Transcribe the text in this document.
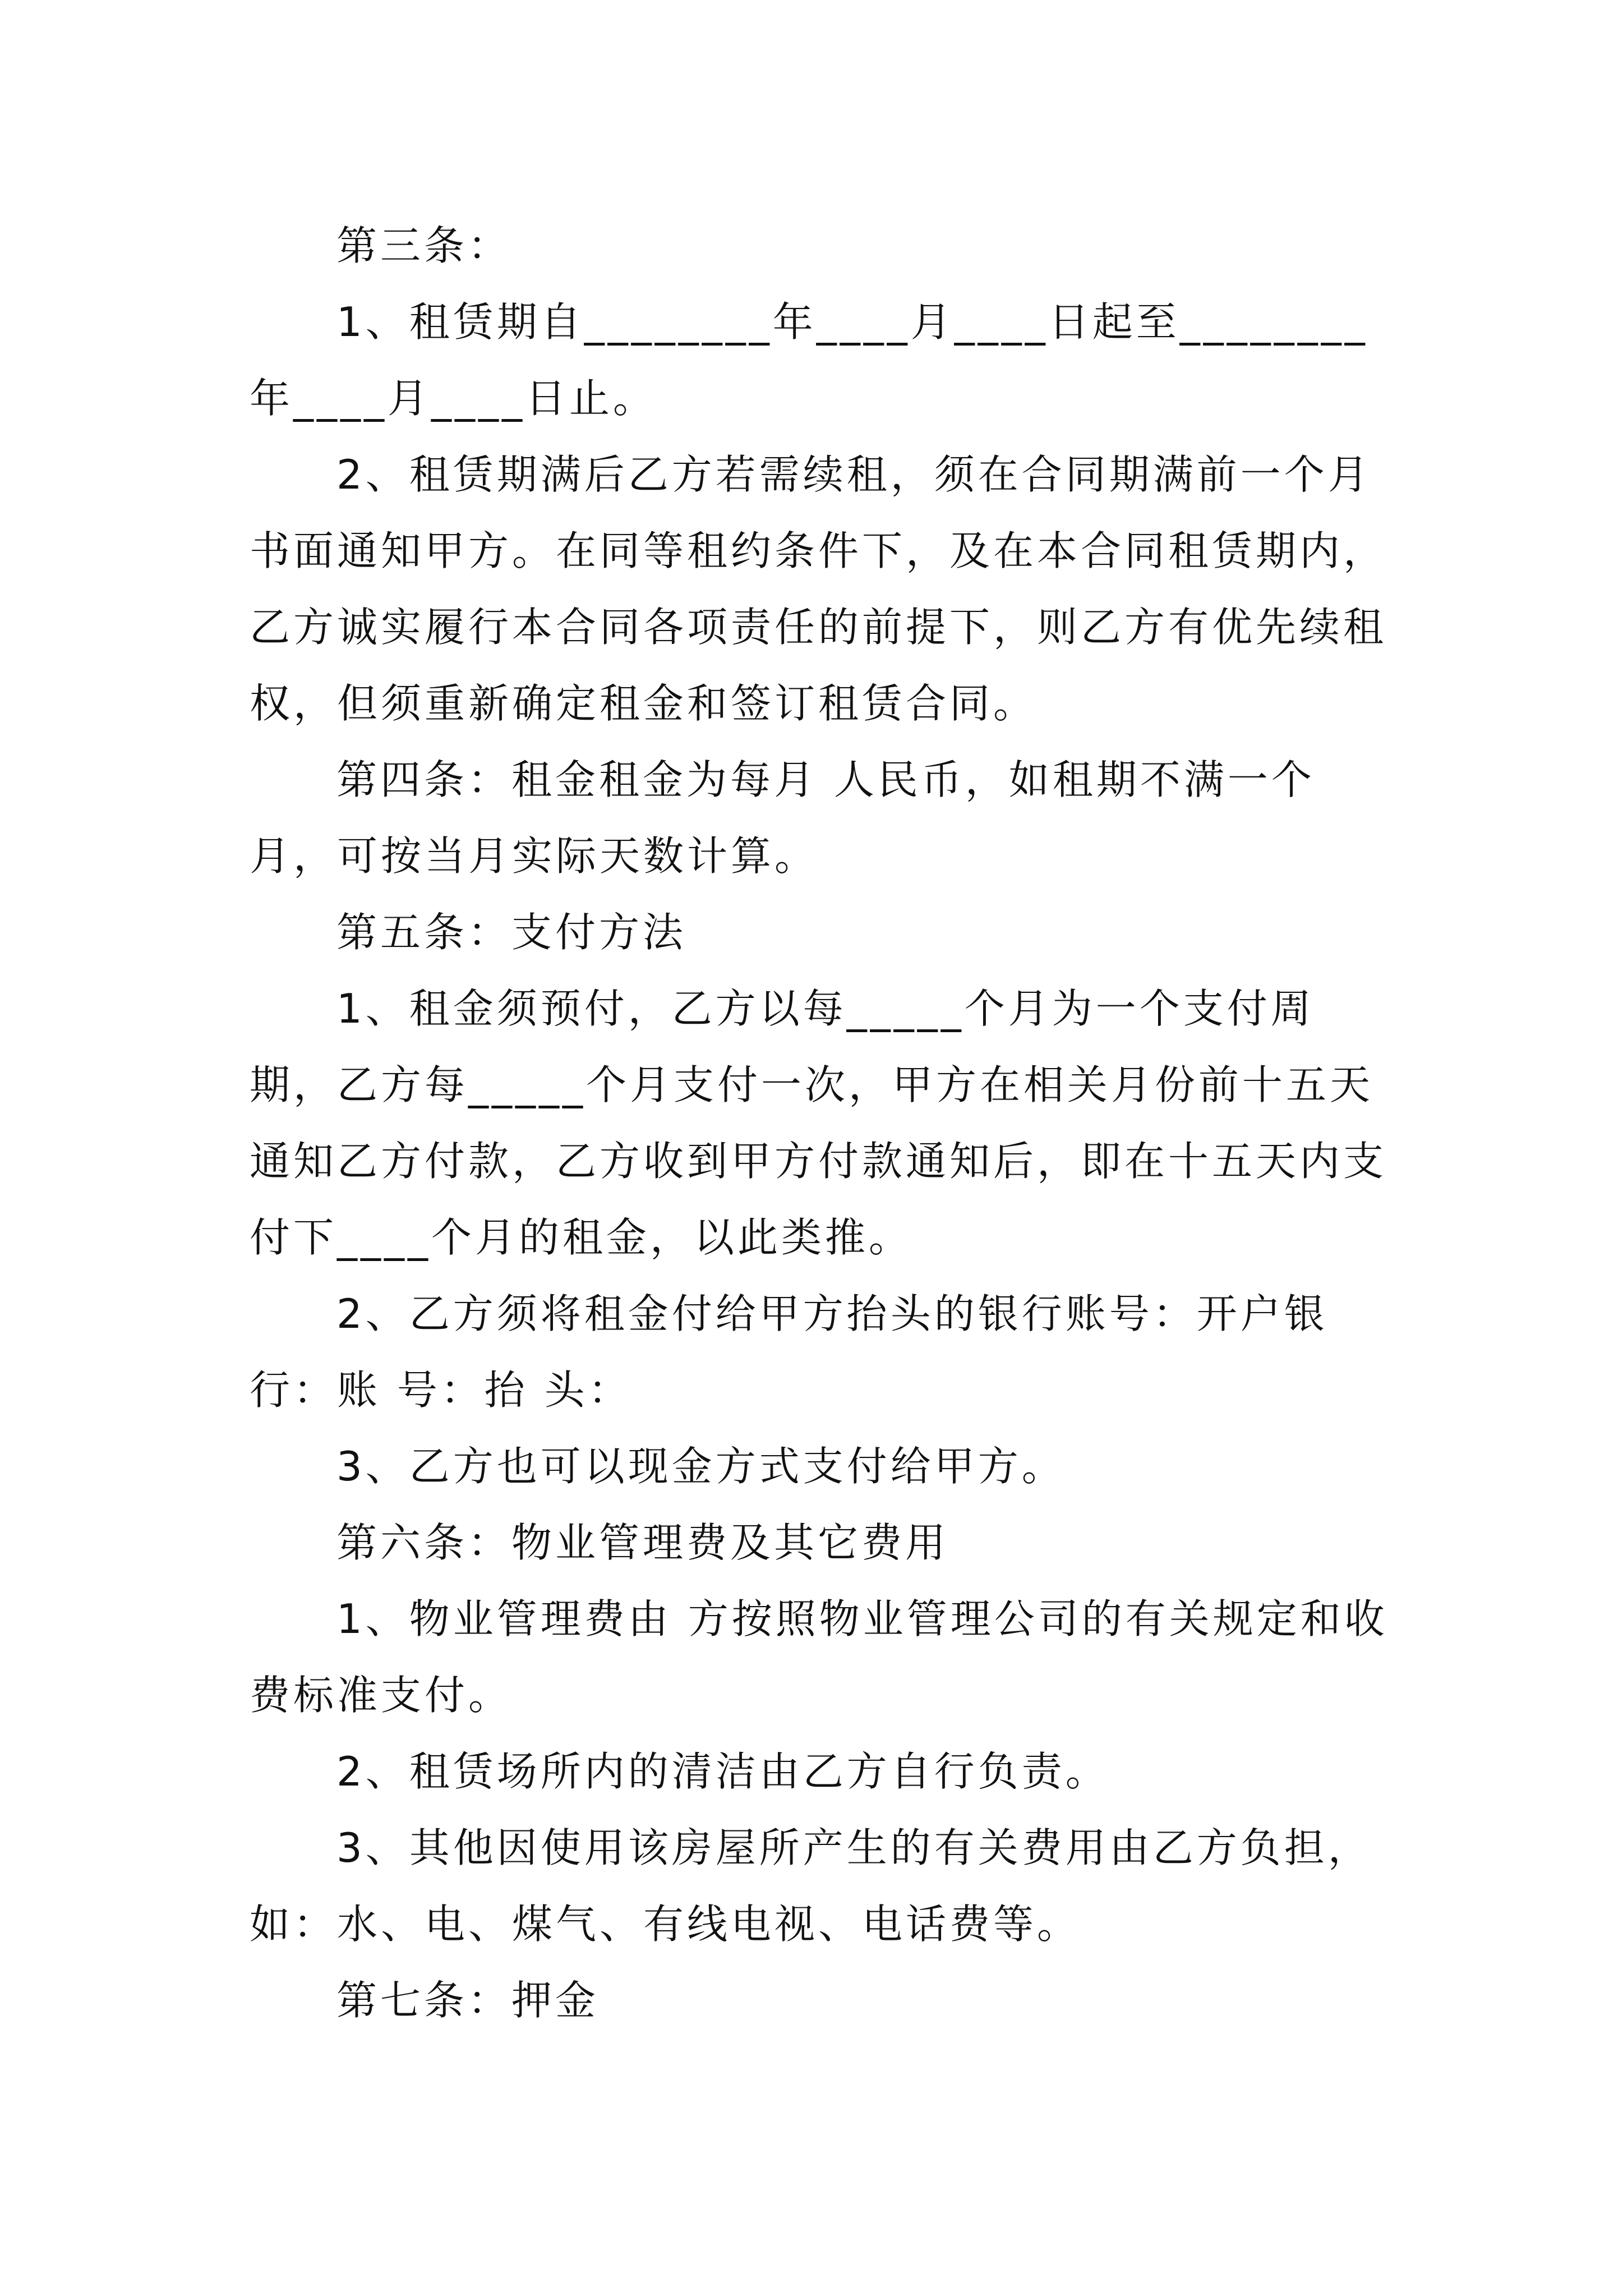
第三条：

1、租赁期自________年____月____日起至________年____月____日止。

2、租赁期满后乙方若需续租，须在合同期满前一个月书面通知甲方。在同等租约条件下，及在本合同租赁期内，乙方诚实履行本合同各项责任的前提下，则乙方有优先续租权，但须重新确定租金和签订租赁合同。

第四条：租金租金为每月 人民币，如租期不满一个月，可按当月实际天数计算。

第五条：支付方法

1、租金须预付，乙方以每_____个月为一个支付周期，乙方每_____个月支付一次，甲方在相关月份前十五天通知乙方付款，乙方收到甲方付款通知后，即在十五天内支付下____个月的租金，以此类推。

2、乙方须将租金付给甲方抬头的银行账号：开户银行：账 号：抬 头：

3、乙方也可以现金方式支付给甲方。

第六条：物业管理费及其它费用

1、物业管理费由 方按照物业管理公司的有关规定和收费标准支付。

2、租赁场所内的清洁由乙方自行负责。

3、其他因使用该房屋所产生的有关费用由乙方负担，如：水、电、煤气、有线电视、电话费等。

第七条：押金
